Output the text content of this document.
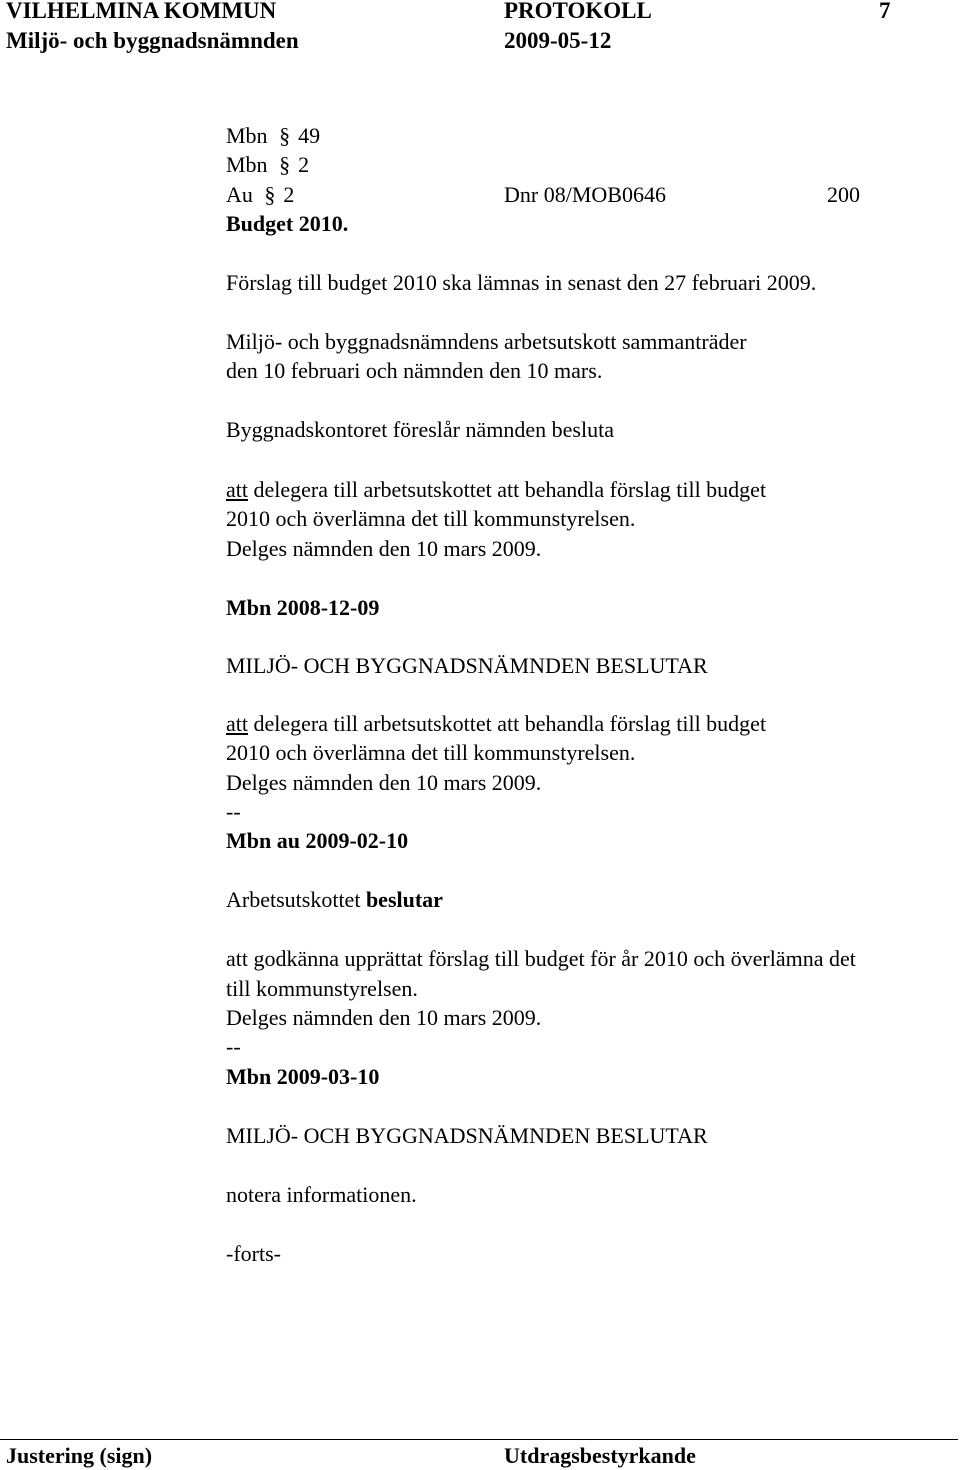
VILHELMINA KOMMUN	PROTOKOLL	7
Miljö- och byggnadsnämnden	2009-05-12
Mbn § 49
Mbn § 2
Au § 2	Dnr 08/MOB0646	200
Budget 2010.
Förslag till budget 2010 ska lämnas in senast den 27 februari 2009.
Miljö- och byggnadsnämndens arbetsutskott sammanträder
den 10 februari och nämnden den 10 mars.
Byggnadskontoret föreslår nämnden besluta
att delegera till arbetsutskottet att behandla förslag till budget
2010 och överlämna det till kommunstyrelsen.
Delges nämnden den 10 mars 2009.
Mbn 2008-12-09
MILJÖ- OCH BYGGNADSNÄMNDEN BESLUTAR
att delegera till arbetsutskottet att behandla förslag till budget
2010 och överlämna det till kommunstyrelsen.
Delges nämnden den 10 mars 2009.
--
Mbn au 2009-02-10
Arbetsutskottet beslutar
att godkänna upprättat förslag till budget för år 2010 och överlämna det
till kommunstyrelsen.
Delges nämnden den 10 mars 2009.
--
Mbn 2009-03-10
MILJÖ- OCH BYGGNADSNÄMNDEN BESLUTAR
notera informationen.
-forts-
Justering (sign)	Utdragsbestyrkande
